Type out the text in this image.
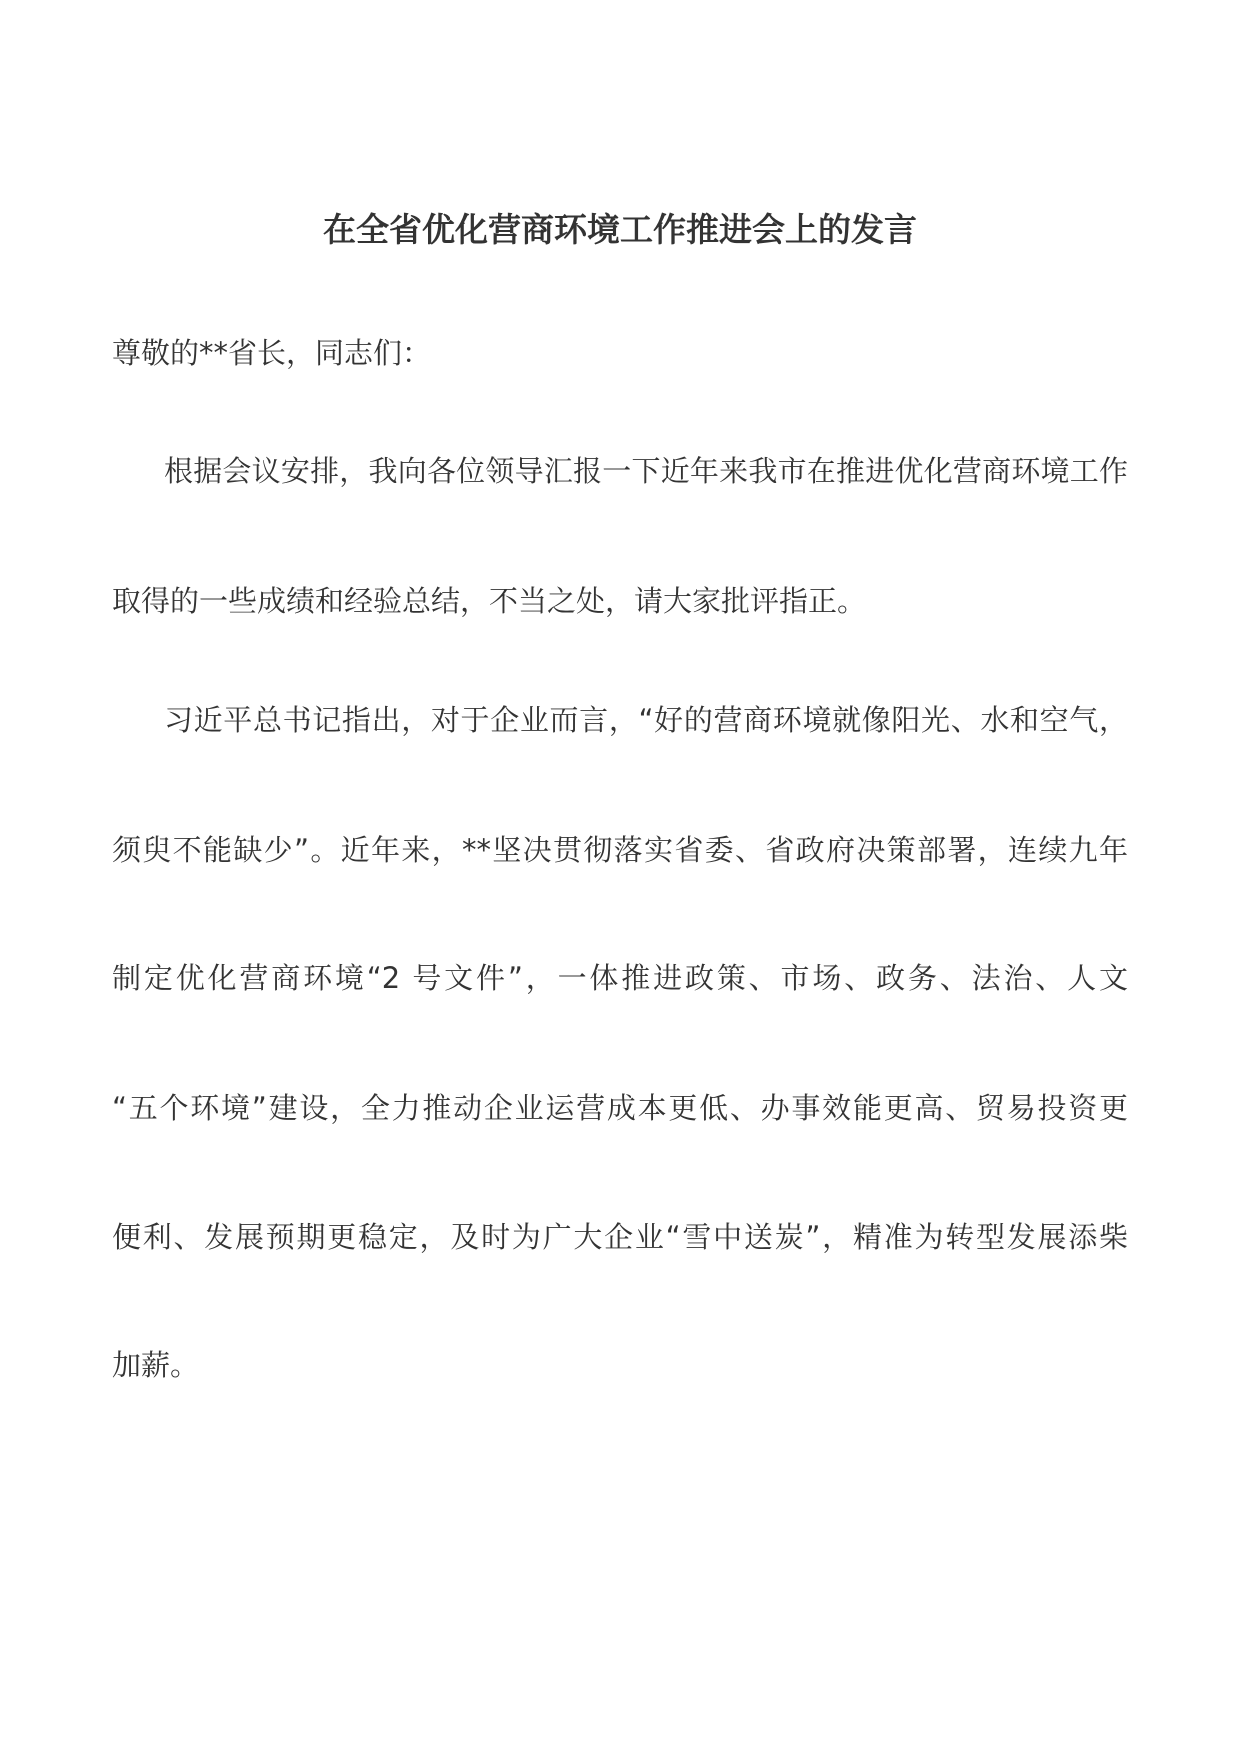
在全省优化营商环境工作推进会上的发言
尊敬的**省长，同志们：
根据会议安排，我向各位领导汇报一下近年来我市在推进优化营商环境工作
取得的一些成绩和经验总结，不当之处，请大家批评指正。
习近平总书记指出，对于企业而言，“好的营商环境就像阳光、水和空气，
须臾不能缺少”。近年来，**坚决贯彻落实省委、省政府决策部署，连续九年
制定优化营商环境“2 号文件”，一体推进政策、市场、政务、法治、人文
“五个环境”建设，全力推动企业运营成本更低、办事效能更高、贸易投资更
便利、发展预期更稳定，及时为广大企业“雪中送炭”，精准为转型发展添柴
加薪。
